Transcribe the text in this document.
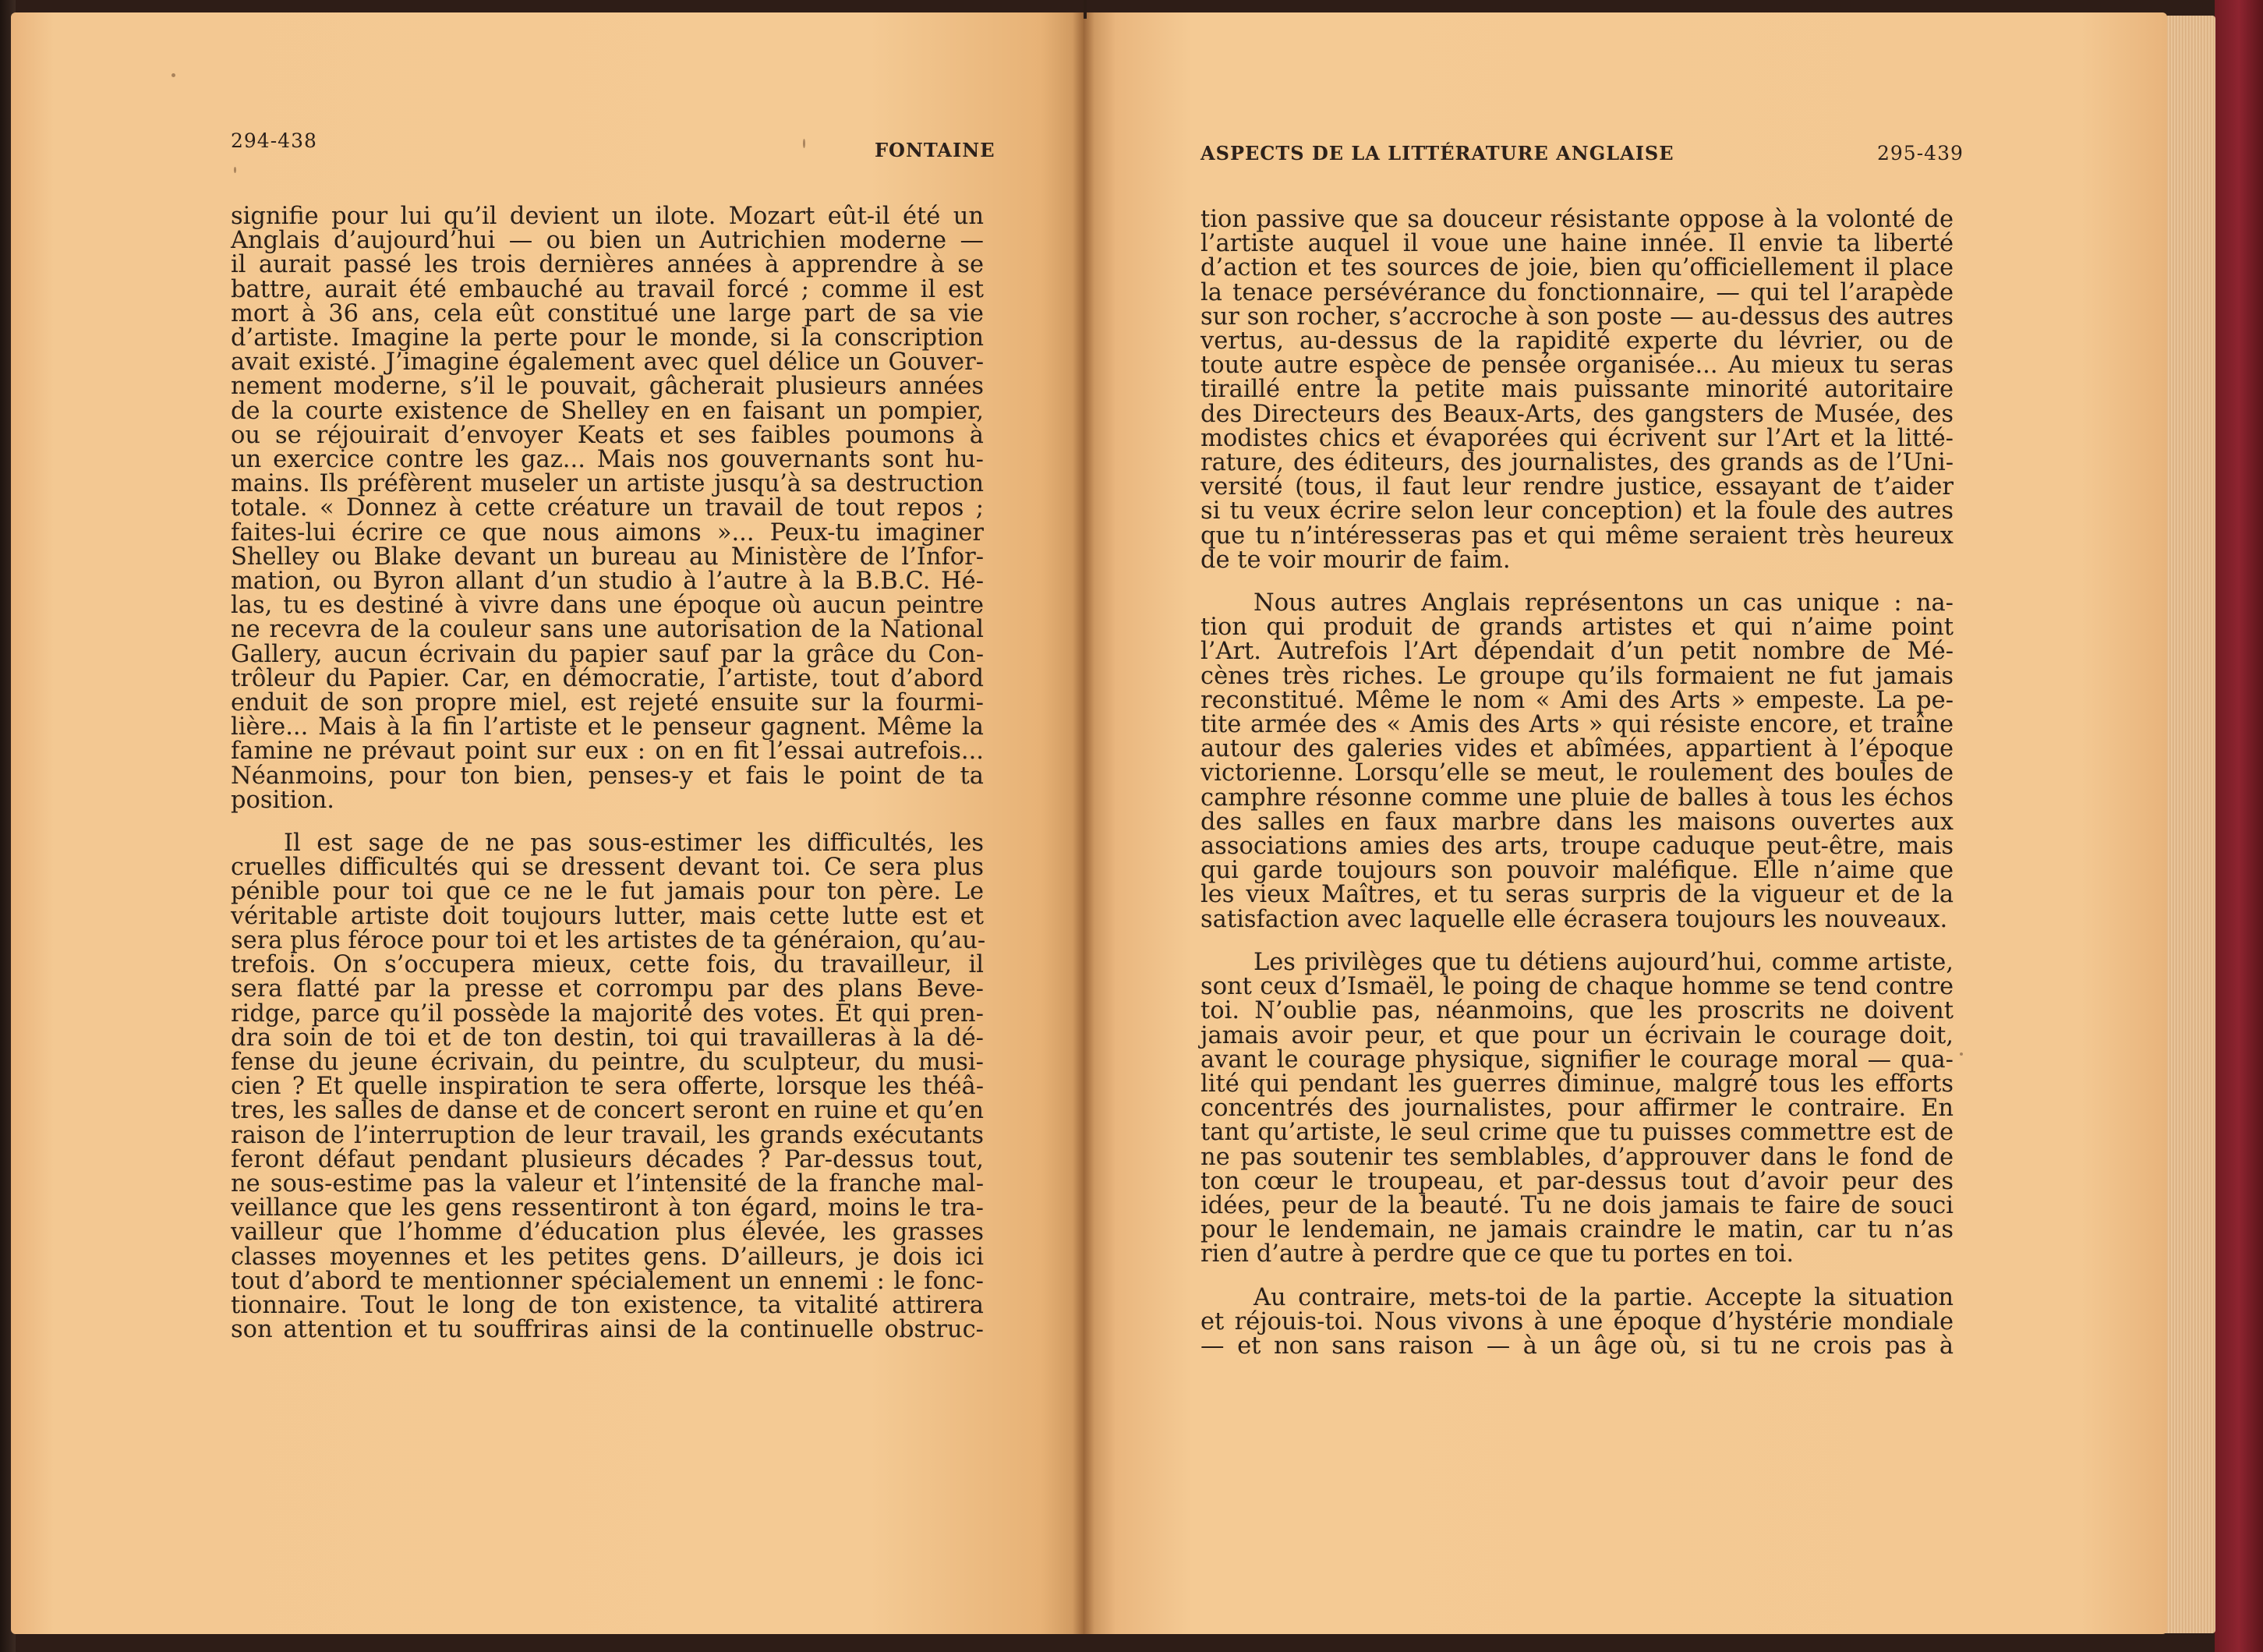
294-438	FONTAINE	ASPECTS DE LA LITTÉRATURE ANGLAISE	295-439

signifie pour lui qu’il devient un ilote. Mozart eût-il été un
Anglais d’aujourd’hui — ou bien un Autrichien moderne —
il aurait passé les trois dernières années à apprendre à se
battre, aurait été embauché au travail forcé ; comme il est
mort à 36 ans, cela eût constitué une large part de sa vie
d’artiste. Imagine la perte pour le monde, si la conscription
avait existé. J’imagine également avec quel délice un Gouver-
nement moderne, s’il le pouvait, gâcherait plusieurs années
de la courte existence de Shelley en en faisant un pompier,
ou se réjouirait d’envoyer Keats et ses faibles poumons à
un exercice contre les gaz... Mais nos gouvernants sont hu-
mains. Ils préfèrent museler un artiste jusqu’à sa destruction
totale. « Donnez à cette créature un travail de tout repos ;
faites-lui écrire ce que nous aimons »... Peux-tu imaginer
Shelley ou Blake devant un bureau au Ministère de l’Infor-
mation, ou Byron allant d’un studio à l’autre à la B.B.C. Hé-
las, tu es destiné à vivre dans une époque où aucun peintre
ne recevra de la couleur sans une autorisation de la National
Gallery, aucun écrivain du papier sauf par la grâce du Con-
trôleur du Papier. Car, en démocratie, l’artiste, tout d’abord
enduit de son propre miel, est rejeté ensuite sur la fourmi-
lière... Mais à la fin l’artiste et le penseur gagnent. Même la
famine ne prévaut point sur eux : on en fit l’essai autrefois...
Néanmoins, pour ton bien, penses-y et fais le point de ta
position.

Il est sage de ne pas sous-estimer les difficultés, les
cruelles difficultés qui se dressent devant toi. Ce sera plus
pénible pour toi que ce ne le fut jamais pour ton père. Le
véritable artiste doit toujours lutter, mais cette lutte est et
sera plus féroce pour toi et les artistes de ta généraion, qu’au-
trefois. On s’occupera mieux, cette fois, du travailleur, il
sera flatté par la presse et corrompu par des plans Beve-
ridge, parce qu’il possède la majorité des votes. Et qui pren-
dra soin de toi et de ton destin, toi qui travailleras à la dé-
fense du jeune écrivain, du peintre, du sculpteur, du musi-
cien ? Et quelle inspiration te sera offerte, lorsque les théâ-
tres, les salles de danse et de concert seront en ruine et qu’en
raison de l’interruption de leur travail, les grands exécutants
feront défaut pendant plusieurs décades ? Par-dessus tout,
ne sous-estime pas la valeur et l’intensité de la franche mal-
veillance que les gens ressentiront à ton égard, moins le tra-
vailleur que l’homme d’éducation plus élevée, les grasses
classes moyennes et les petites gens. D’ailleurs, je dois ici
tout d’abord te mentionner spécialement un ennemi : le fonc-
tionnaire. Tout le long de ton existence, ta vitalité attirera
son attention et tu souffriras ainsi de la continuelle obstruc-

tion passive que sa douceur résistante oppose à la volonté de
l’artiste auquel il voue une haine innée. Il envie ta liberté
d’action et tes sources de joie, bien qu’officiellement il place
la tenace persévérance du fonctionnaire, — qui tel l’arapède
sur son rocher, s’accroche à son poste — au-dessus des autres
vertus, au-dessus de la rapidité experte du lévrier, ou de
toute autre espèce de pensée organisée... Au mieux tu seras
tiraillé entre la petite mais puissante minorité autoritaire
des Directeurs des Beaux-Arts, des gangsters de Musée, des
modistes chics et évaporées qui écrivent sur l’Art et la litté-
rature, des éditeurs, des journalistes, des grands as de l’Uni-
versité (tous, il faut leur rendre justice, essayant de t’aider
si tu veux écrire selon leur conception) et la foule des autres
que tu n’intéresseras pas et qui même seraient très heureux
de te voir mourir de faim.

Nous autres Anglais représentons un cas unique : na-
tion qui produit de grands artistes et qui n’aime point
l’Art. Autrefois l’Art dépendait d’un petit nombre de Mé-
cènes très riches. Le groupe qu’ils formaient ne fut jamais
reconstitué. Même le nom « Ami des Arts » empeste. La pe-
tite armée des « Amis des Arts » qui résiste encore, et traîne
autour des galeries vides et abîmées, appartient à l’époque
victorienne. Lorsqu’elle se meut, le roulement des boules de
camphre résonne comme une pluie de balles à tous les échos
des salles en faux marbre dans les maisons ouvertes aux
associations amies des arts, troupe caduque peut-être, mais
qui garde toujours son pouvoir maléfique. Elle n’aime que
les vieux Maîtres, et tu seras surpris de la vigueur et de la
satisfaction avec laquelle elle écrasera toujours les nouveaux.

Les privilèges que tu détiens aujourd’hui, comme artiste,
sont ceux d’Ismaël, le poing de chaque homme se tend contre
toi. N’oublie pas, néanmoins, que les proscrits ne doivent
jamais avoir peur, et que pour un écrivain le courage doit,
avant le courage physique, signifier le courage moral — qua-
lité qui pendant les guerres diminue, malgré tous les efforts
concentrés des journalistes, pour affirmer le contraire. En
tant qu’artiste, le seul crime que tu puisses commettre est de
ne pas soutenir tes semblables, d’approuver dans le fond de
ton cœur le troupeau, et par-dessus tout d’avoir peur des
idées, peur de la beauté. Tu ne dois jamais te faire de souci
pour le lendemain, ne jamais craindre le matin, car tu n’as
rien d’autre à perdre que ce que tu portes en toi.

Au contraire, mets-toi de la partie. Accepte la situation
et réjouis-toi. Nous vivons à une époque d’hystérie mondiale
— et non sans raison — à un âge où, si tu ne crois pas à
